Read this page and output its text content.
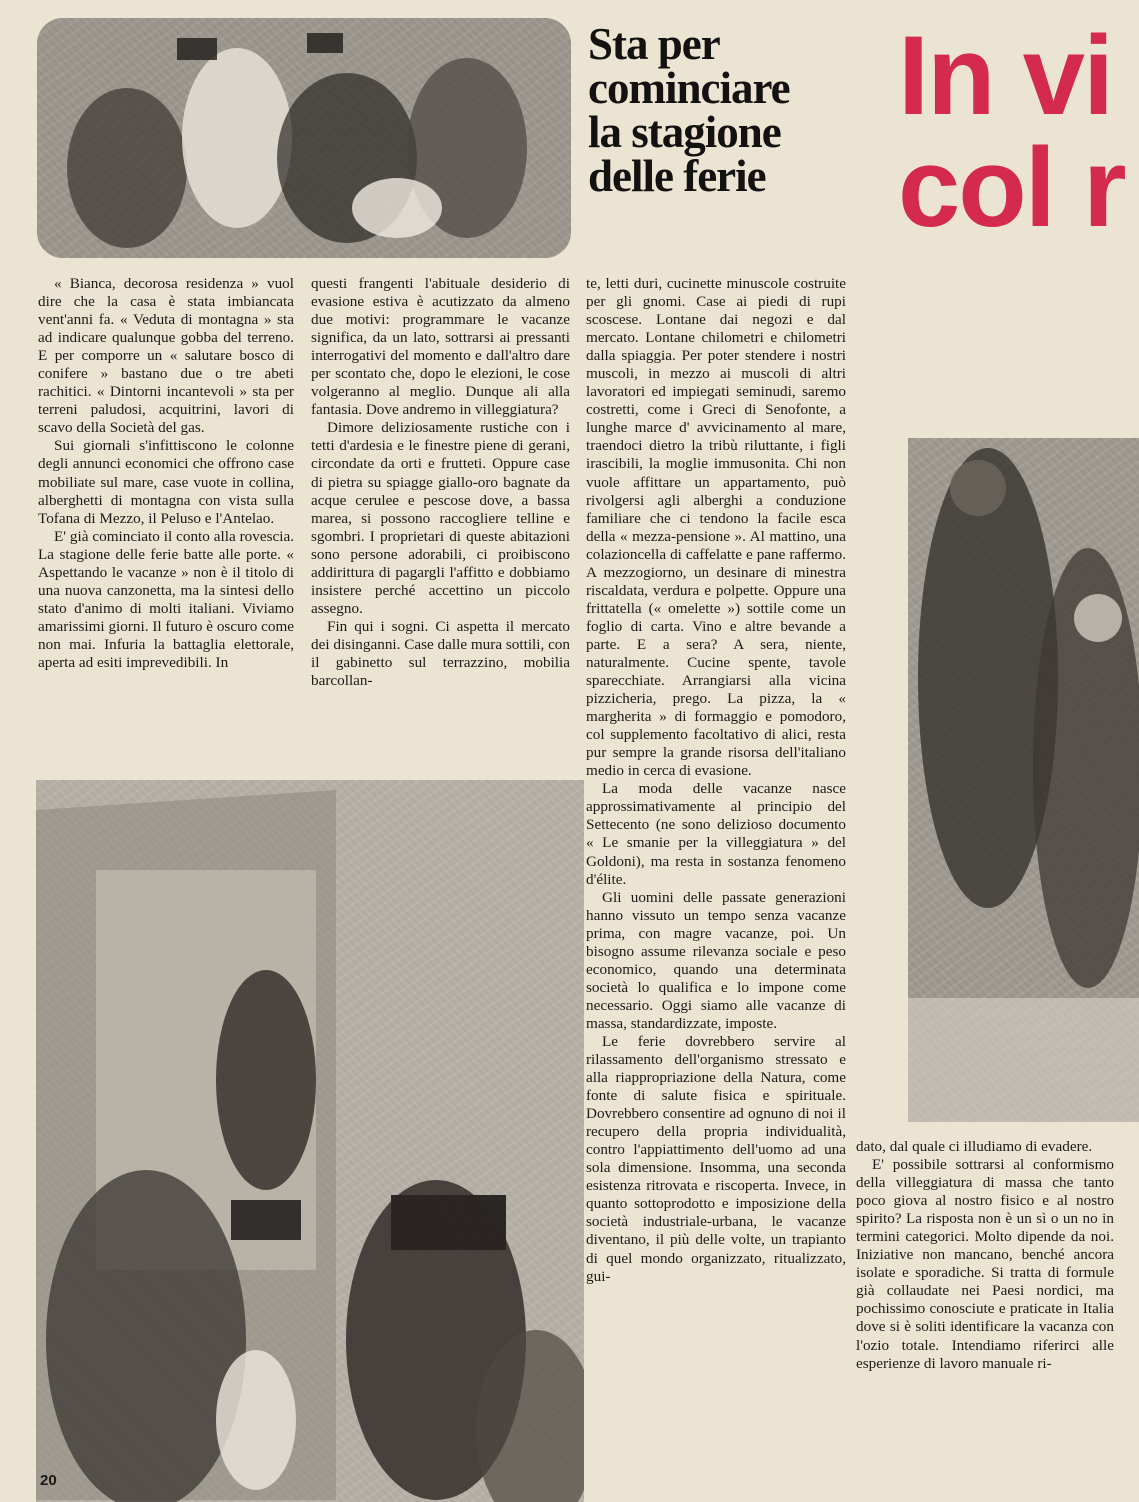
Sta per
cominciare
la stagione
delle ferie
In vi
col r

« Bianca, decorosa residenza » vuol dire che la casa è stata imbiancata vent'anni fa. « Veduta di montagna » sta ad indicare qualunque gobba del terreno. E per comporre un « salutare bosco di conifere » bastano due o tre abeti rachitici. « Dintorni incantevoli » sta per terreni paludosi, acquitrini, lavori di scavo della Società del gas.

Sui giornali s'infittiscono le colonne degli annunci economici che offrono case mobiliate sul mare, case vuote in collina, alberghetti di montagna con vista sulla Tofana di Mezzo, il Peluso e l'Antelao.

E' già cominciato il conto alla rovescia. La stagione delle ferie batte alle porte. « Aspettando le vacanze » non è il titolo di una nuova canzonetta, ma la sintesi dello stato d'animo di molti italiani. Viviamo amarissimi giorni. Il futuro è oscuro come non mai. Infuria la battaglia elettorale, aperta ad esiti imprevedibili. In

questi frangenti l'abituale desiderio di evasione estiva è acutizzato da almeno due motivi: programmare le vacanze significa, da un lato, sottrarsi ai pressanti interrogativi del momento e dall'altro dare per scontato che, dopo le elezioni, le cose volgeranno al meglio. Dunque ali alla fantasia. Dove andremo in villeggiatura?

Dimore deliziosamente rustiche con i tetti d'ardesia e le finestre piene di gerani, circondate da orti e frutteti. Oppure case di pietra su spiagge giallo-oro bagnate da acque cerulee e pescose dove, a bassa marea, si possono raccogliere telline e sgombri. I proprietari di queste abitazioni sono persone adorabili, ci proibiscono addirittura di pagargli l'affitto e dobbiamo insistere perché accettino un piccolo assegno.

Fin qui i sogni. Ci aspetta il mercato dei disinganni. Case dalle mura sottili, con il gabinetto sul terrazzino, mobilia barcollan-

te, letti duri, cucinette minuscole costruite per gli gnomi. Case ai piedi di rupi scoscese. Lontane dai negozi e dal mercato. Lontane chilometri e chilometri dalla spiaggia. Per poter stendere i nostri muscoli, in mezzo ai muscoli di altri lavoratori ed impiegati seminudi, saremo costretti, come i Greci di Senofonte, a lunghe marce d' avvicinamento al mare, traendoci dietro la tribù riluttante, i figli irascibili, la moglie immusonita. Chi non vuole affittare un appartamento, può rivolgersi agli alberghi a conduzione familiare che ci tendono la facile esca della « mezza-pensione ». Al mattino, una colazioncella di caffelatte e pane raffermo. A mezzogiorno, un desinare di minestra riscaldata, verdura e polpette. Oppure una frittatella (« omelette ») sottile come un foglio di carta. Vino e altre bevande a parte. E a sera? A sera, niente, naturalmente. Cucine spente, tavole sparecchiate. Arrangiarsi alla vicina pizzicheria, prego. La pizza, la « margherita » di formaggio e pomodoro, col supplemento facoltativo di alici, resta pur sempre la grande risorsa dell'italiano medio in cerca di evasione.

La moda delle vacanze nasce approssimativamente al principio del Settecento (ne sono delizioso documento « Le smanie per la villeggiatura » del Goldoni), ma resta in sostanza fenomeno d'élite.

Gli uomini delle passate generazioni hanno vissuto un tempo senza vacanze prima, con magre vacanze, poi. Un bisogno assume rilevanza sociale e peso economico, quando una determinata società lo qualifica e lo impone come necessario. Oggi siamo alle vacanze di massa, standardizzate, imposte.

Le ferie dovrebbero servire al rilassamento dell'organismo stressato e alla riappropriazione della Natura, come fonte di salute fisica e spirituale. Dovrebbero consentire ad ognuno di noi il recupero della propria individualità, contro l'appiattimento dell'uomo ad una sola dimensione. Insomma, una seconda esistenza ritrovata e riscoperta. Invece, in quanto sottoprodotto e imposizione della società industriale-urbana, le vacanze diventano, il più delle volte, un trapianto di quel mondo organizzato, ritualizzato, gui-

dato, dal quale ci illudiamo di evadere.

E' possibile sottrarsi al conformismo della villeggiatura di massa che tanto poco giova al nostro fisico e al nostro spirito? La risposta non è un sì o un no in termini categorici. Molto dipende da noi. Iniziative non mancano, benché ancora isolate e sporadiche. Si tratta di formule già collaudate nei Paesi nordici, ma pochissimo conosciute e praticate in Italia dove si è soliti identificare la vacanza con l'ozio totale. Intendiamo riferirci alle esperienze di lavoro manuale ri-

20
